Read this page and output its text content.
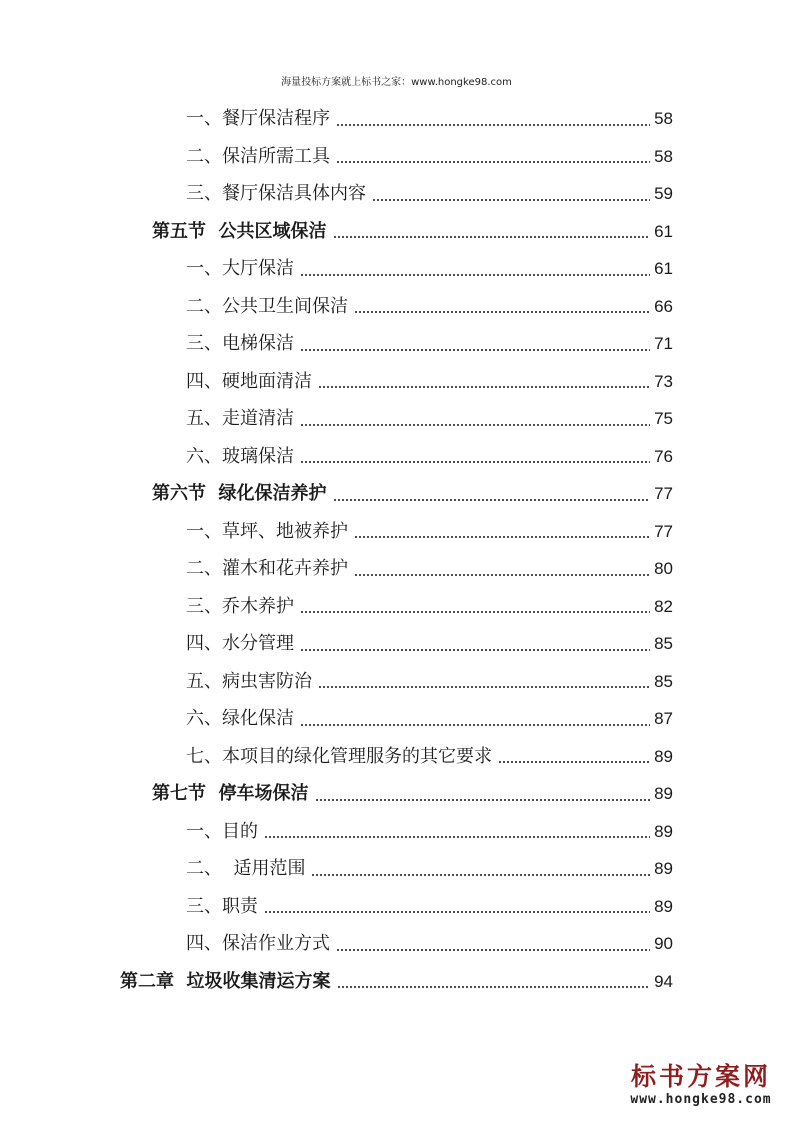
海量投标方案就上标书之家：www.hongke98.com
一、餐厅保洁程序	58
二、保洁所需工具	58
三、餐厅保洁具体内容	59
第五节  公共区域保洁	61
一、大厅保洁	61
二、公共卫生间保洁	66
三、电梯保洁	71
四、硬地面清洁	73
五、走道清洁	75
六、玻璃保洁	76
第六节  绿化保洁养护	77
一、草坪、地被养护	77
二、灌木和花卉养护	80
三、乔木养护	82
四、水分管理	85
五、病虫害防治	85
六、绿化保洁	87
七、本项目的绿化管理服务的其它要求	89
第七节  停车场保洁	89
一、目的	89
二、  适用范围	89
三、职责	89
四、保洁作业方式	90
第二章  垃圾收集清运方案	94
标书方案网
www.hongke98.com
